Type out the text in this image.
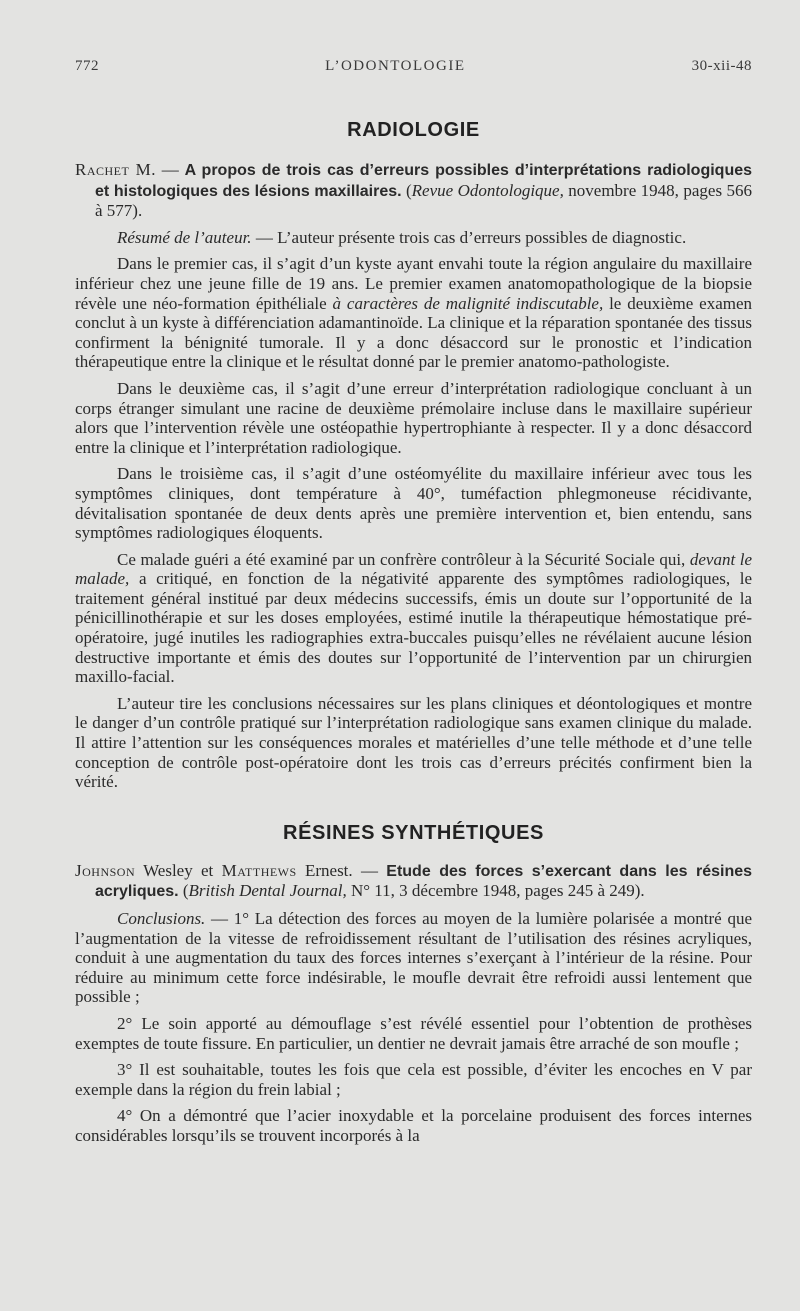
772	L’ODONTOLOGIE	30-xii-48
RADIOLOGIE

Rachet M. — A propos de trois cas d’erreurs possibles d’interprétations radiologiques et histologiques des lésions maxillaires. (Revue Odontologique, novembre 1948, pages 566 à 577).

Résumé de l’auteur. — L’auteur présente trois cas d’erreurs possibles de diagnostic.

Dans le premier cas, il s’agit d’un kyste ayant envahi toute la région angulaire du maxillaire inférieur chez une jeune fille de 19 ans. Le premier examen anatomopathologique de la biopsie révèle une néo-formation épithéliale à caractères de malignité indiscutable, le deuxième examen conclut à un kyste à différenciation adamantinoïde. La clinique et la réparation spontanée des tissus confirment la bénignité tumorale. Il y a donc désaccord sur le pronostic et l’indication thérapeutique entre la clinique et le résultat donné par le premier anatomo-pathologiste.

Dans le deuxième cas, il s’agit d’une erreur d’interprétation radiologique concluant à un corps étranger simulant une racine de deuxième prémolaire incluse dans le maxillaire supérieur alors que l’intervention révèle une ostéopathie hypertrophiante à respecter. Il y a donc désaccord entre la clinique et l’interprétation radiologique.

Dans le troisième cas, il s’agit d’une ostéomyélite du maxillaire inférieur avec tous les symptômes cliniques, dont température à 40°, tuméfaction phlegmoneuse récidivante, dévitalisation spontanée de deux dents après une première intervention et, bien entendu, sans symptômes radiologiques éloquents.

Ce malade guéri a été examiné par un confrère contrôleur à la Sécurité Sociale qui, devant le malade, a critiqué, en fonction de la négativité apparente des symptômes radiologiques, le traitement général institué par deux médecins successifs, émis un doute sur l’opportunité de la pénicillinothérapie et sur les doses employées, estimé inutile la thérapeutique hémostatique pré-opératoire, jugé inutiles les radiographies extra-buccales puisqu’elles ne révélaient aucune lésion destructive importante et émis des doutes sur l’opportunité de l’intervention par un chirurgien maxillo-facial.

L’auteur tire les conclusions nécessaires sur les plans cliniques et déontologiques et montre le danger d’un contrôle pratiqué sur l’interprétation radiologique sans examen clinique du malade. Il attire l’attention sur les conséquences morales et matérielles d’une telle méthode et d’une telle conception de contrôle post-opératoire dont les trois cas d’erreurs précités confirment bien la vérité.

RÉSINES SYNTHÉTIQUES

Johnson Wesley et Matthews Ernest. — Etude des forces s’exercant dans les résines acryliques. (British Dental Journal, N° 11, 3 décembre 1948, pages 245 à 249).

Conclusions. — 1° La détection des forces au moyen de la lumière polarisée a montré que l’augmentation de la vitesse de refroidissement résultant de l’utilisation des résines acryliques, conduit à une augmentation du taux des forces internes s’exerçant à l’intérieur de la résine. Pour réduire au minimum cette force indésirable, le moufle devrait être refroidi aussi lentement que possible ;

2° Le soin apporté au démouflage s’est révélé essentiel pour l’obtention de prothèses exemptes de toute fissure. En particulier, un dentier ne devrait jamais être arraché de son moufle ;

3° Il est souhaitable, toutes les fois que cela est possible, d’éviter les encoches en V par exemple dans la région du frein labial ;

4° On a démontré que l’acier inoxydable et la porcelaine produisent des forces internes considérables lorsqu’ils se trouvent incorporés à la
